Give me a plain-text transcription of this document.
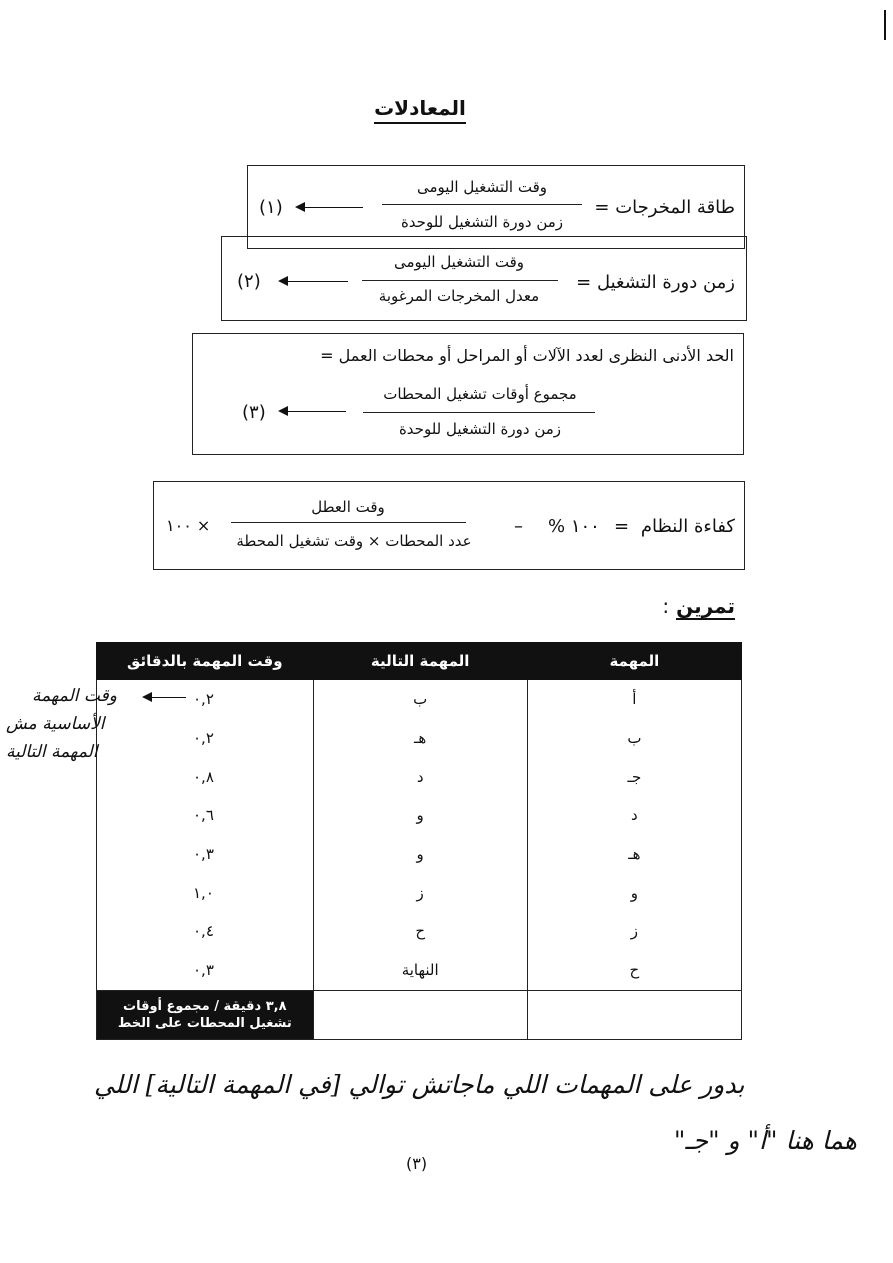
المعادلات
طاقة المخرجات =
وقت التشغيل اليومى
زمن دورة التشغيل للوحدة
(١)
زمن دورة التشغيل =
وقت التشغيل اليومى
معدل المخرجات المرغوبة
(٢)
الحد الأدنى النظرى لعدد الآلات أو المراحل أو محطات العمل =
مجموع أوقات تشغيل المحطات
زمن دورة التشغيل للوحدة
(٣)
كفاءة النظام
=
١٠٠ %
–
وقت العطل
عدد المحطات × وقت تشغيل المحطة
× ١٠٠
تمرين :
المهمة	المهمة التالية	وقت المهمة بالدقائق
أ	ب	٠,٢
ب	هـ	٠,٢
جـ	د	٠,٨
د	و	٠,٦
هـ	و	٠,٣
و	ز	١,٠
ز	ح	٠,٤
ح	النهاية	٠,٣

		٣,٨ دقيقة / مجموع أوقات
تشغيل المحطات على الخط
وقت المهمة
الأساسية مش
المهمة التالية
بدور على المهمات اللي ماجاتش توالي [في المهمة التالية] اللي
هما هنا "أ" و "جـ"
(٣)
